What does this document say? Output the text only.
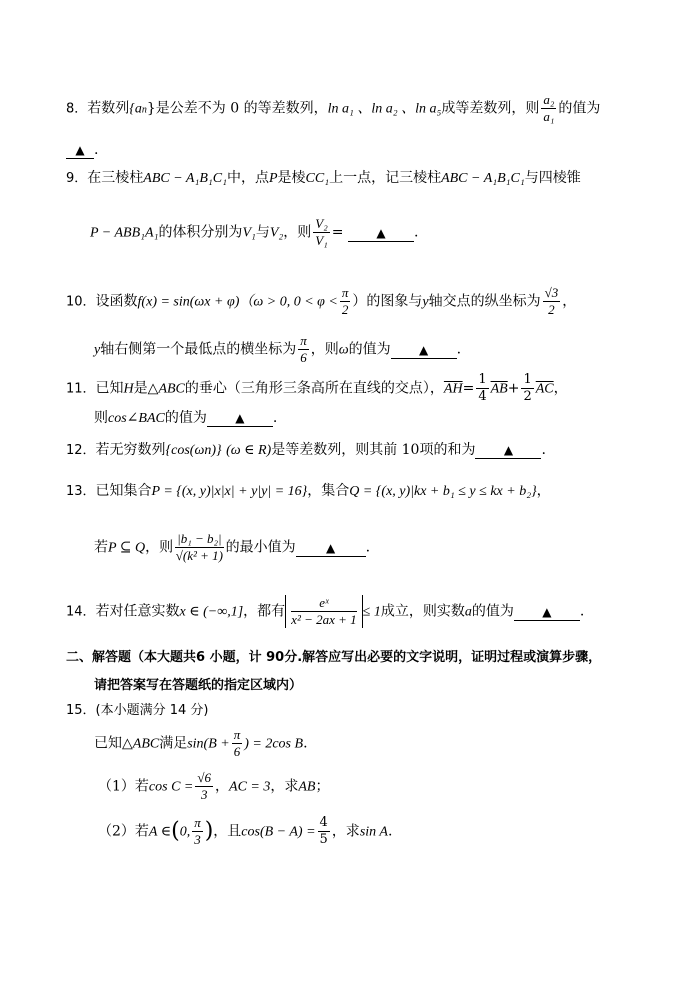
8．若数列{an}是公差不为 0 的等差数列，ln a₁ 、ln a₂ 、ln a₅成等差数列，则 $\frac{\text{a₂}}{\text{a₁}}$ 的值为
▲ .
9．在三棱柱ABC − A₁B₁C₁中，点P是棱CC₁上一点，记三棱柱ABC − A₁B₁C₁与四棱锥
P − ABB₁A₁的体积分别为V₁与V₂，则 $\frac{\text{V₂}}{\text{V₁}}$ =	▲ .
10．设函数f(x) = sin(ωx + φ)（ω > 0, $0 < \varphi < \frac{\pi}{2}$ ）的图象与y轴交点的纵坐标为 $\frac{√3}{2}$ ，
y轴右侧第一个最低点的横坐标为 $\frac{\pi}{6}$ ，则ω的值为 ▲ .
11．已知H是△ABC的垂心（三角形三条高所在直线的交点），$\overline{AH}= \frac{1}{4} \overline{AB}+ \frac{1}{2} \overline{AC}$，
则cos∠BAC的值为 ▲ .
12．若无穷数列{cos(ωn)} (ω ∈ R)是等差数列，则其前 10项的和为 ▲ .
13．已知集合P = {(x, y)|x|x| + y|y| = 16}，集合Q = {(x, y)|kx + b₁ ≤ y ≤ kx + b₂}，
若P ⊆ Q，则 $\frac{\text{|b₁ − b₂|}}{\text{√(k² + 1)}}$ 的最小值为	▲ .
14．若对任意实数x ∈ (−∞,1]，都有 $\frac{\text{eˣ}}{\text{x² − 2ax + 1}} \le 1$成立，则实数a的值为 ▲ .
二、解答题（本大题共6 小题，计 90分.解答应写出必要的文字说明，证明过程或演算步骤，
请把答案写在答题纸的指定区域内）
15．(本小题满分 14 分)
已知△ABC满足$\sin(B + \frac{\pi}{6}$ ) = 2cos B.
（1）若$\cos C = \frac{√6}{3}$ ，AC = 3，求AB；
（2）若A ∈(0, $\frac{\pi}{3}$ )，且$\cos(B - A) = \frac{4}{5}$ ，求sin A.
